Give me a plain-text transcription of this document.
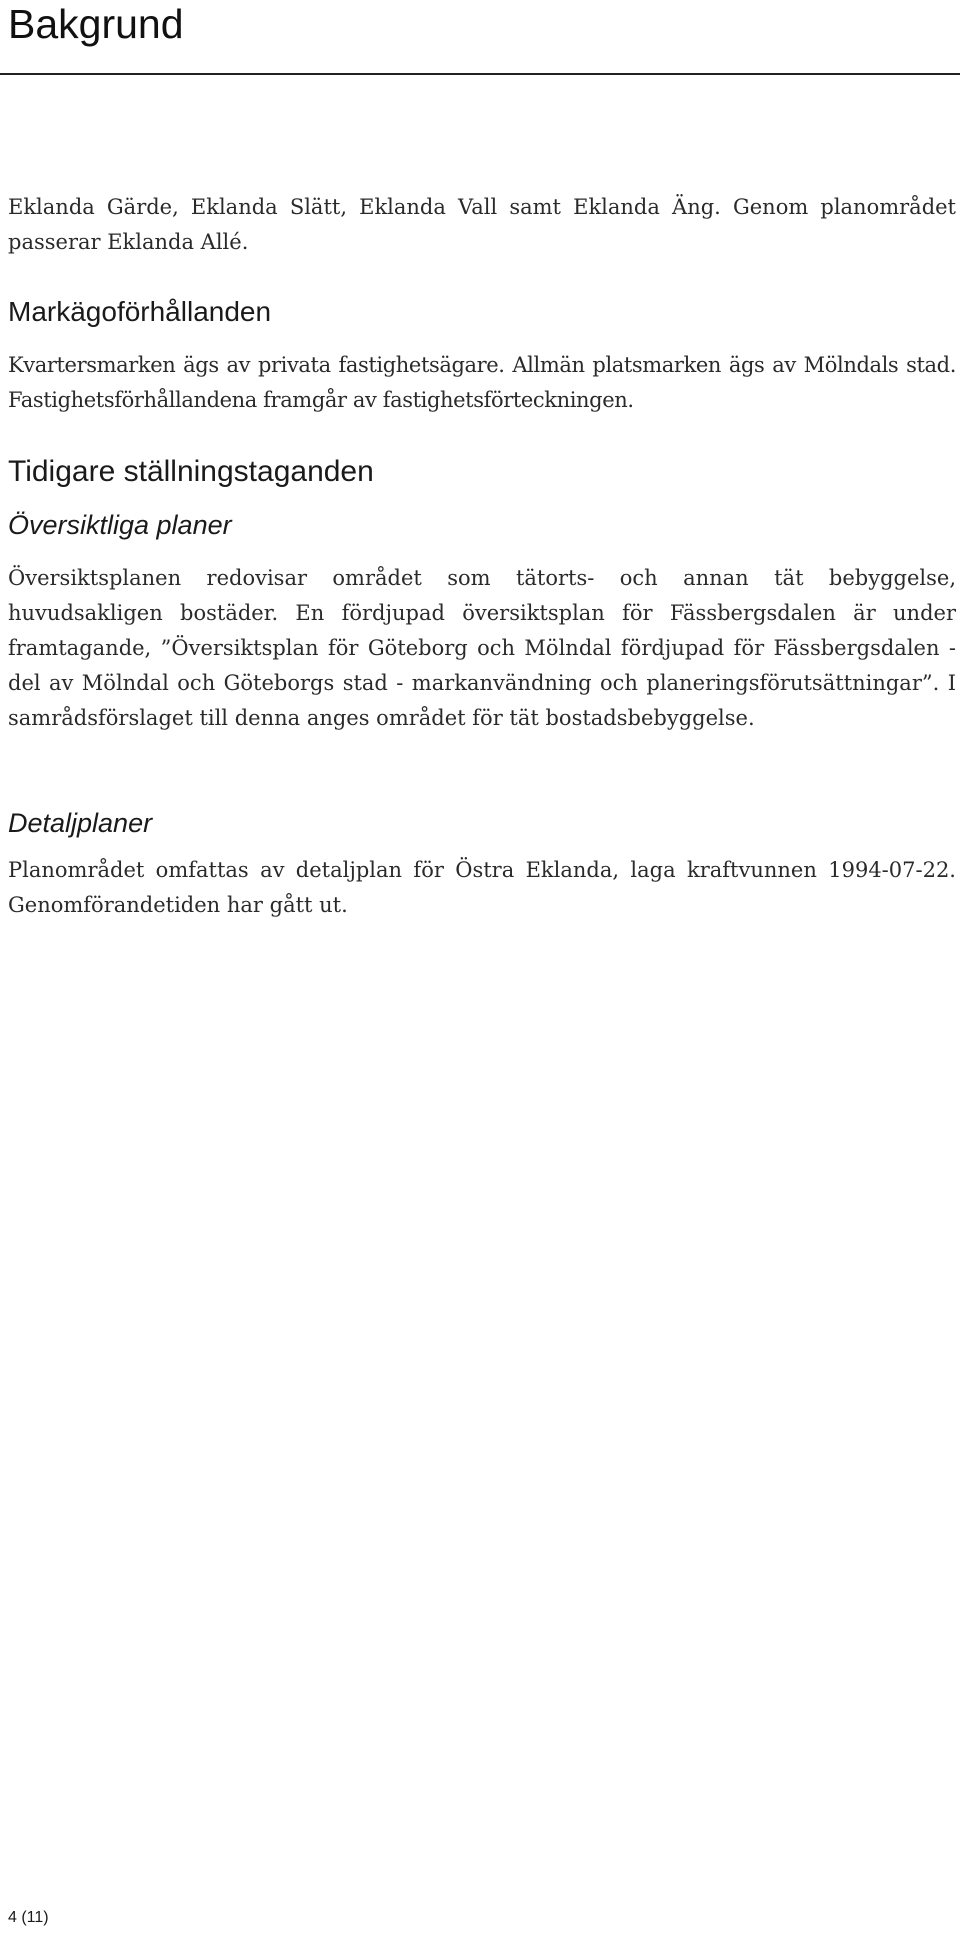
Bakgrund

Eklanda Gärde, Eklanda Slätt, Eklanda Vall samt Eklanda Äng. Genom planområdet passerar Eklanda Allé.

Markägoförhållanden

Kvartersmarken ägs av privata fastighetsägare. Allmän platsmarken ägs av Mölndals stad. Fastighetsförhållandena framgår av fastighetsförteckningen.

Tidigare ställningstaganden
Översiktliga planer

Översiktsplanen redovisar området som tätorts- och annan tät bebyggelse, huvudsakligen bostäder. En fördjupad översiktsplan för Fässbergsdalen är under framtagande, ”Översiktsplan för Göteborg och Mölndal fördjupad för Fässbergsdalen - del av Mölndal och Göteborgs stad - markanvändning och planeringsförutsättningar”. I samrådsförslaget till denna anges området för tät bostadsbebyggelse.

Detaljplaner

Planområdet omfattas av detaljplan för Östra Eklanda, laga kraftvunnen 1994-07-22. Genomförandetiden har gått ut.

4 (11)
